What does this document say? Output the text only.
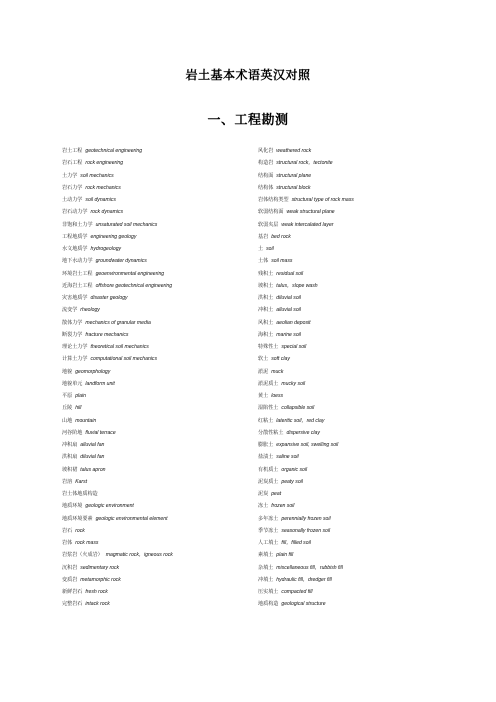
岩土基本术语英汉对照
一、工程勘测
岩土工程 geotechnical engineering
岩石工程 rock engineering
土力学 soil mechanics
岩石力学 rock mechanics
土动力学 soil dynamics
岩石动力学 rock dynamics
非饱和土力学 unsaturated soil mechanics
工程地质学 engineering geology
水文地质学 hydrogeology
地下水动力学 groundwater dynamics
环境岩土工程 geoenvironmental engineering
近海岩土工程 offshore geotechnical engineering
灾害地质学 disaster geology
流变学 rheology
散体力学 mechanics of granular media
断裂力学 fracture mechanics
理论土力学 theoretical soil mechanics
计算土力学 computational soil mechanics
地貌 geomorphology
地貌单元 landform unit
平原 plain
丘陵 hill
山地 mountain
河谷阶地 fluvial terrace
冲积扇 alluvial fan
洪积扇 diluvial fan
坡积裙 talus apron
岩溶 Karst
岩土体地质构造
地质环境 geologic environment
地质环境要素 geologic environmental element
岩石 rock
岩体 rock mass
岩浆岩（火成岩） magmatic rock，igneous rock
沉积岩 sedimentary rock
变质岩 metamorphic rock
新鲜岩石 fresh rock
完整岩石 intack rock
风化岩 weathered rock
构造岩 structural rock，tectonite
结构面 structural plane
结构体 structural block
岩体结构类型 structural type of rock mass
软弱结构面 weak structural plane
软弱夹层 weak intercalated layer
基岩 bed rock
土 soil
土体 soil mass
残积土 residual soil
坡积土 talus，slope wash
洪积土 diluvial soil
冲积土 alluvial soil
风积土 aeolian deposit
海积土 marine soil
特殊性土 special soil
软土 soft clay
淤泥 muck
淤泥质土 mucky soil
黄土 loess
湿陷性土 collapsible soil
红粘土 lateritic soil，red clay
分散性粘土 dispersive clay
膨胀土 expansive soil, swelling soil
盐渍土 saline soil
有机质土 organic soil
泥炭质土 peaty soil
泥炭 peat
冻土 frozen soil
多年冻土 perennially frozen soil
季节冻土 seasonally frozen soil
人工填土 fill，filled soil
素填土 plain fill
杂填土 miscellaneous fill，rubbish fill
冲填土 hydraulic fill，dredger fill
压实填土 compacted fill
地质构造 geological structure
